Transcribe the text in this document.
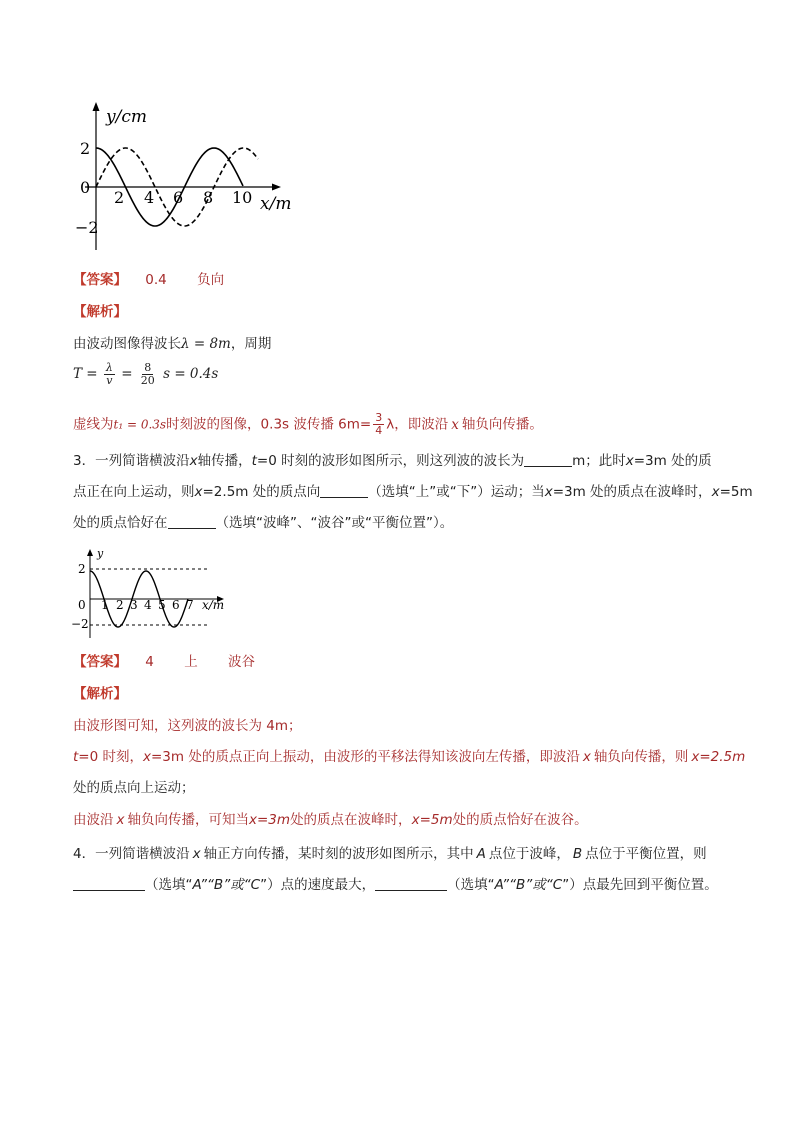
y/cm
2
0
−2
2 4 6 8 10 x/m
【答案】 0.4 负向
【解析】
由波动图像得波长λ = 8m，周期
$T = \frac{\lambda}{v} = \frac{8}{20}$ s = 0.4s
虚线为t₁ = 0.3s时刻波的图像，0.3s 波传播 $6m= \frac{3}{4}$ λ，即波沿 x 轴负向传播。
3．一列简谐横波沿x轴传播，t=0 时刻的波形如图所示，则这列波的波长为	m；此时x=3m 处的质
点正在向上运动，则x=2.5m 处的质点向	（选填“上”或“下”）运动；当x=3m 处的质点在波峰时，x=5m
处的质点恰好在	（选填“波峰”、“波谷”或“平衡位置”）。
y
2
0
−2
1 2 3 4 5 6 7 x/m
【答案】 4 上 波谷
【解析】
由波形图可知，这列波的波长为 4m；
t=0 时刻，x=3m 处的质点正向上振动，由波形的平移法得知该波向左传播，即波沿 x 轴负向传播，则 x=2.5m
处的质点向上运动；
由波沿 x 轴负向传播，可知当x=3m处的质点在波峰时，x=5m处的质点恰好在波谷。
4．一列简谐横波沿 x 轴正方向传播，某时刻的波形如图所示，其中 A 点位于波峰， B 点位于平衡位置，则
（选填“A”“B”或“C”）点的速度最大，	（选填“A”“B”或“C”）点最先回到平衡位置。
